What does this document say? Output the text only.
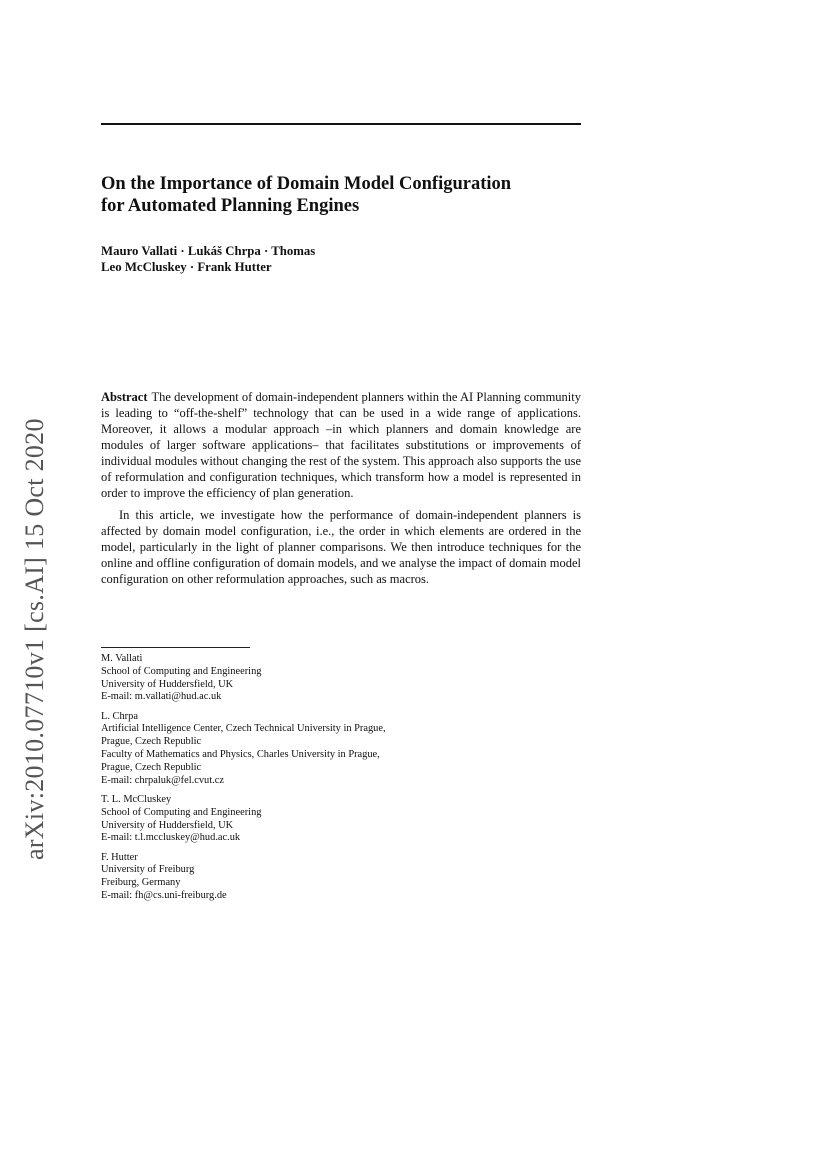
On the Importance of Domain Model Configuration
for Automated Planning Engines
Mauro Vallati · Lukáš Chrpa · Thomas
Leo McCluskey · Frank Hutter
arXiv:2010.07710v1 [cs.AI] 15 Oct 2020

Abstract The development of domain-independent planners within the AI Planning community is leading to “off-the-shelf” technology that can be used in a wide range of applications. Moreover, it allows a modular approach –in which planners and domain knowledge are modules of larger software applications– that facilitates substitutions or improvements of individual modules without changing the rest of the system. This approach also supports the use of reformulation and configuration techniques, which transform how a model is represented in order to improve the efficiency of plan generation.

In this article, we investigate how the performance of domain-independent planners is affected by domain model configuration, i.e., the order in which elements are ordered in the model, particularly in the light of planner comparisons. We then introduce techniques for the online and offline configuration of domain models, and we analyse the impact of domain model configuration on other reformulation approaches, such as macros.

M. Vallati
School of Computing and Engineering
University of Huddersfield, UK
E-mail: m.vallati@hud.ac.uk
L. Chrpa
Artificial Intelligence Center, Czech Technical University in Prague,
Prague, Czech Republic
Faculty of Mathematics and Physics, Charles University in Prague,
Prague, Czech Republic
E-mail: chrpaluk@fel.cvut.cz
T. L. McCluskey
School of Computing and Engineering
University of Huddersfield, UK
E-mail: t.l.mccluskey@hud.ac.uk
F. Hutter
University of Freiburg
Freiburg, Germany
E-mail: fh@cs.uni-freiburg.de
